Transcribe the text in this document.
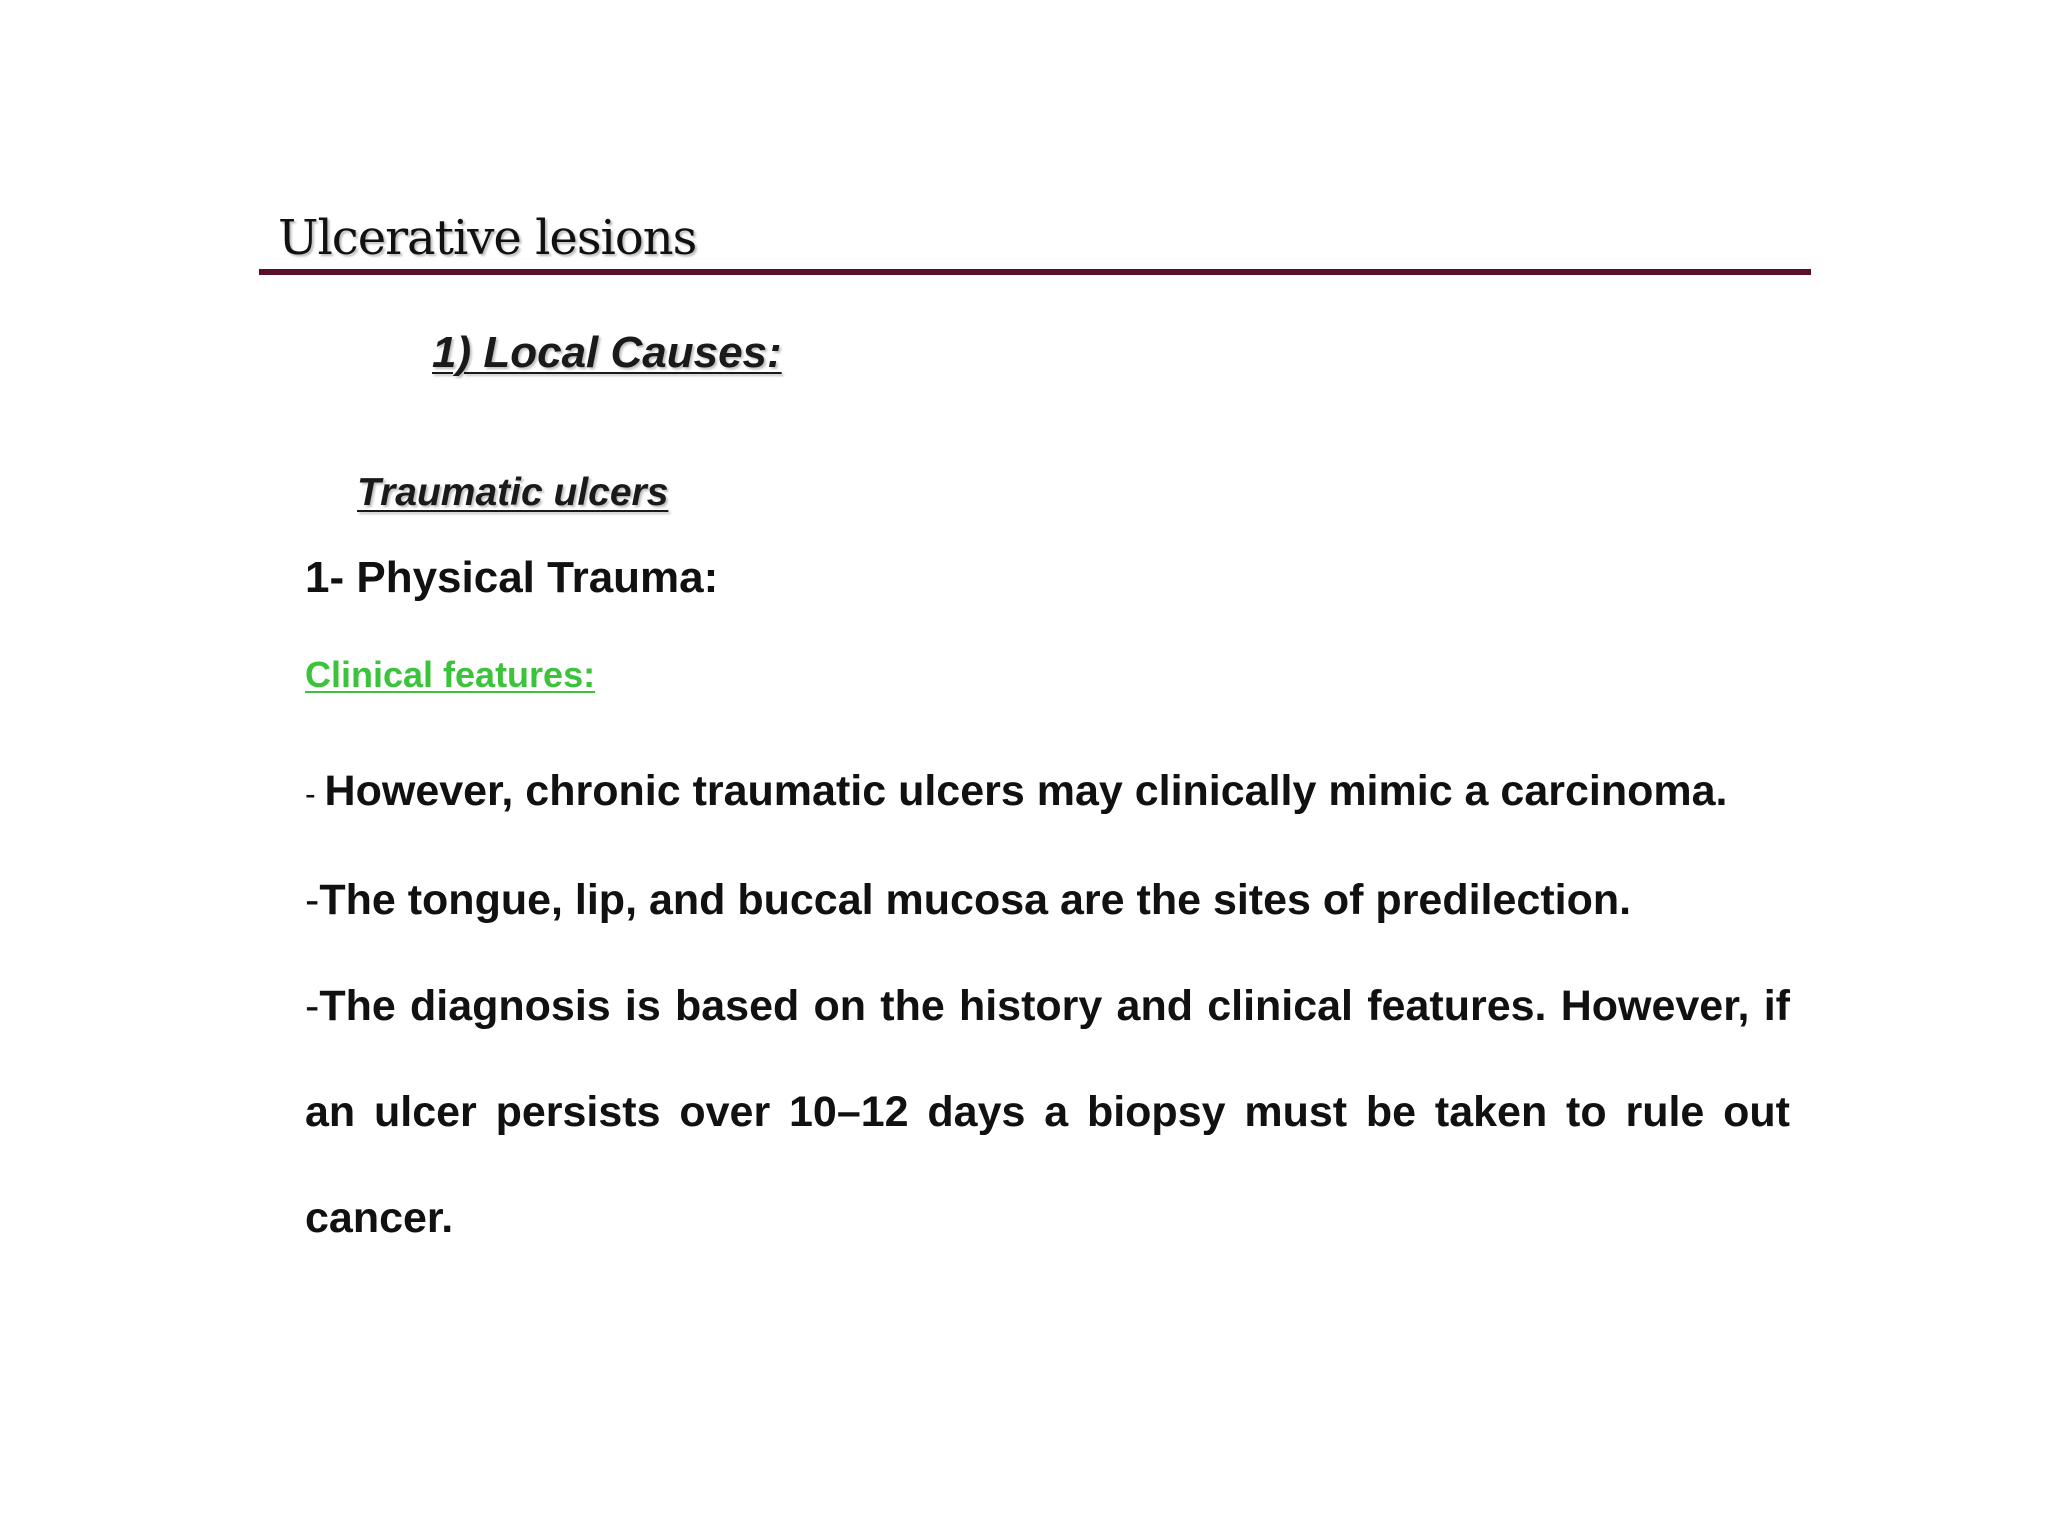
Ulcerative lesions
1) Local Causes:
Traumatic ulcers

1- Physical Trauma:

Clinical features:

- However, chronic traumatic ulcers may clinically mimic a carcinoma.
-The tongue, lip, and buccal mucosa are the sites of predilection.
-The diagnosis is based on the history and clinical features. However, if an ulcer persists over 10–12 days a biopsy must be taken to rule out cancer.
